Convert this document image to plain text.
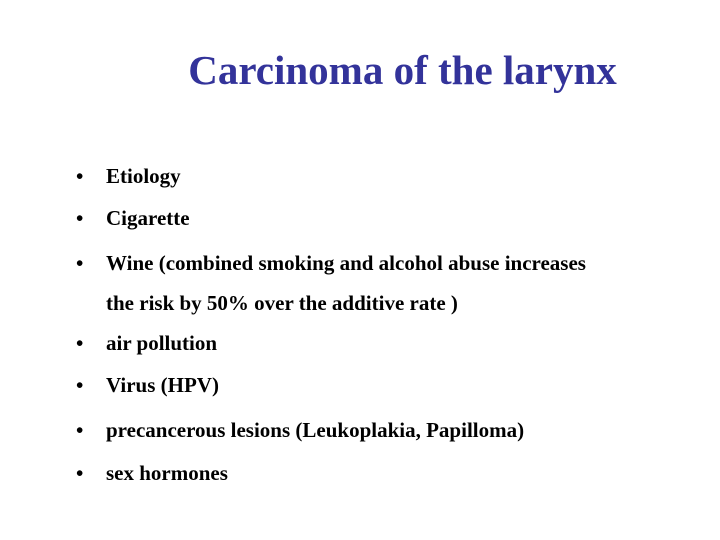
Carcinoma of the larynx
•	Etiology
•	Cigarette
•	Wine (combined smoking and alcohol abuse increases
the risk by 50% over the additive rate )
•	air pollution
•	Virus (HPV)
•	precancerous lesions (Leukoplakia, Papilloma)
•	sex hormones
